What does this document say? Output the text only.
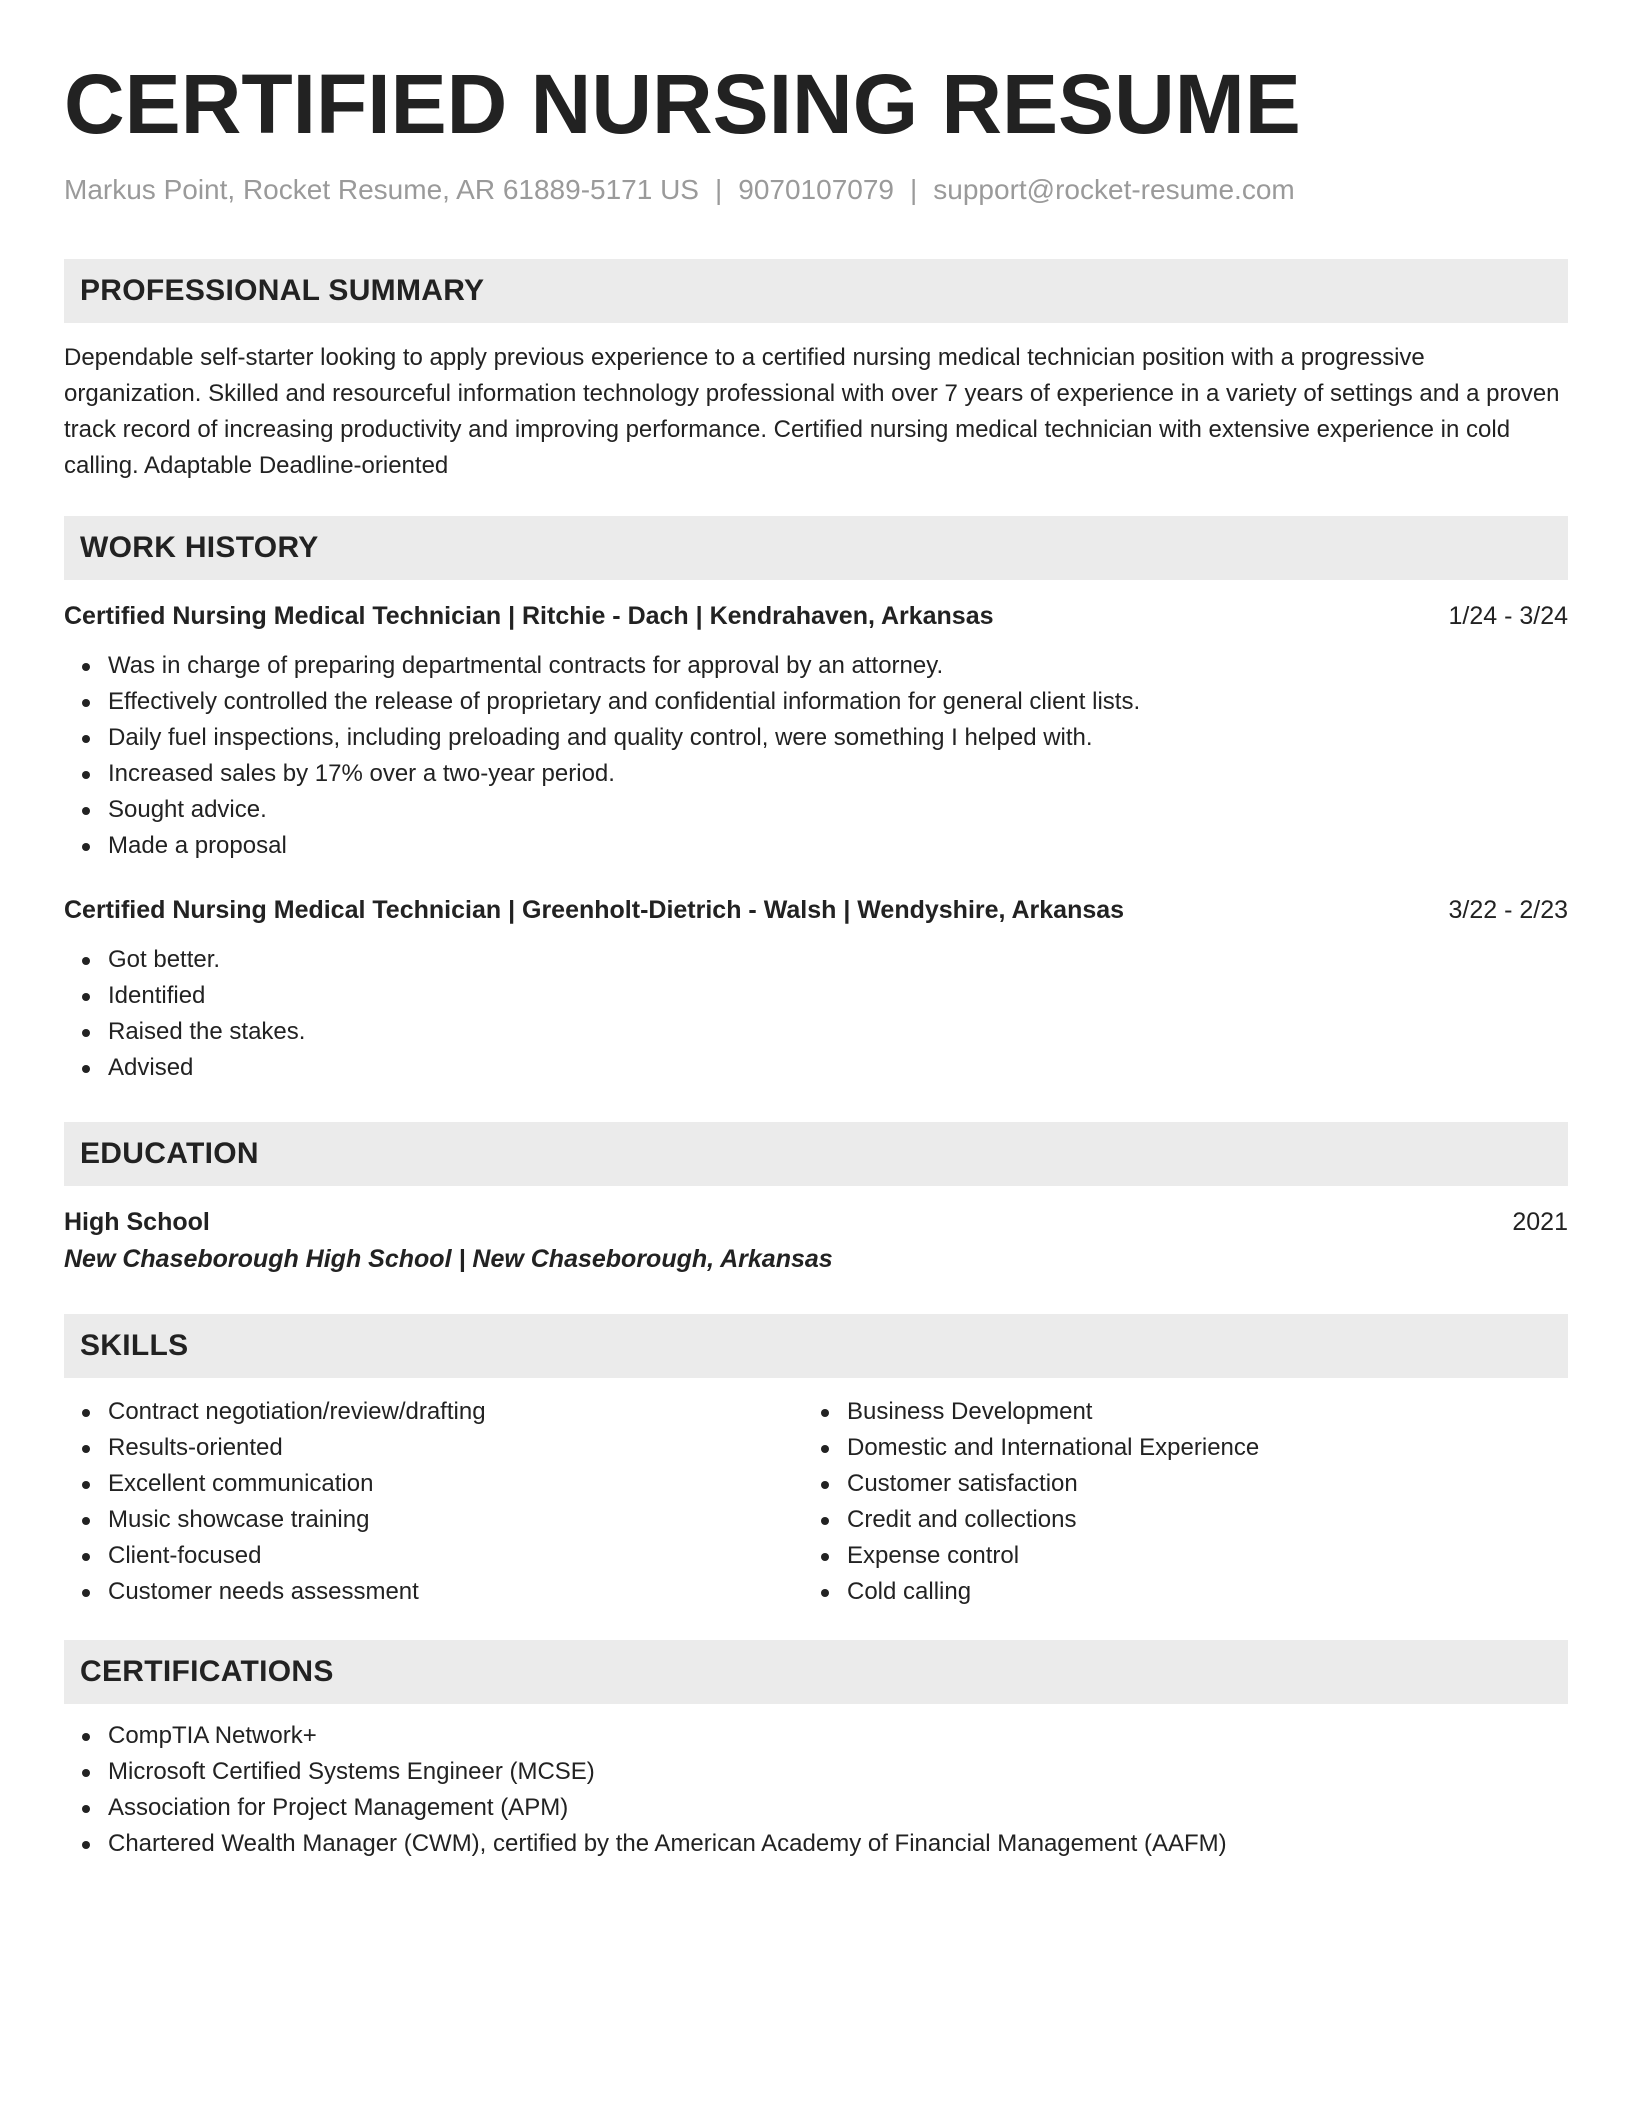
CERTIFIED NURSING RESUME
Markus Point, Rocket Resume, AR 61889-5171 US | 9070107079 | support@rocket-resume.com
PROFESSIONAL SUMMARY
Dependable self-starter looking to apply previous experience to a certified nursing medical technician position with a progressive organization. Skilled and resourceful information technology professional with over 7 years of experience in a variety of settings and a proven track record of increasing productivity and improving performance. Certified nursing medical technician with extensive experience in cold calling. Adaptable Deadline-oriented
WORK HISTORY
Certified Nursing Medical Technician | Ritchie - Dach | Kendrahaven, Arkansas	1/24 - 3/24
Was in charge of preparing departmental contracts for approval by an attorney.
Effectively controlled the release of proprietary and confidential information for general client lists.
Daily fuel inspections, including preloading and quality control, were something I helped with.
Increased sales by 17% over a two-year period.
Sought advice.
Made a proposal
Certified Nursing Medical Technician | Greenholt-Dietrich - Walsh | Wendyshire, Arkansas	3/22 - 2/23
Got better.
Identified
Raised the stakes.
Advised
EDUCATION
High School	2021
New Chaseborough High School | New Chaseborough, Arkansas
SKILLS
Contract negotiation/review/drafting
Results-oriented
Excellent communication
Music showcase training
Client-focused
Customer needs assessment
Business Development
Domestic and International Experience
Customer satisfaction
Credit and collections
Expense control
Cold calling
CERTIFICATIONS
CompTIA Network+
Microsoft Certified Systems Engineer (MCSE)
Association for Project Management (APM)
Chartered Wealth Manager (CWM), certified by the American Academy of Financial Management (AAFM)
